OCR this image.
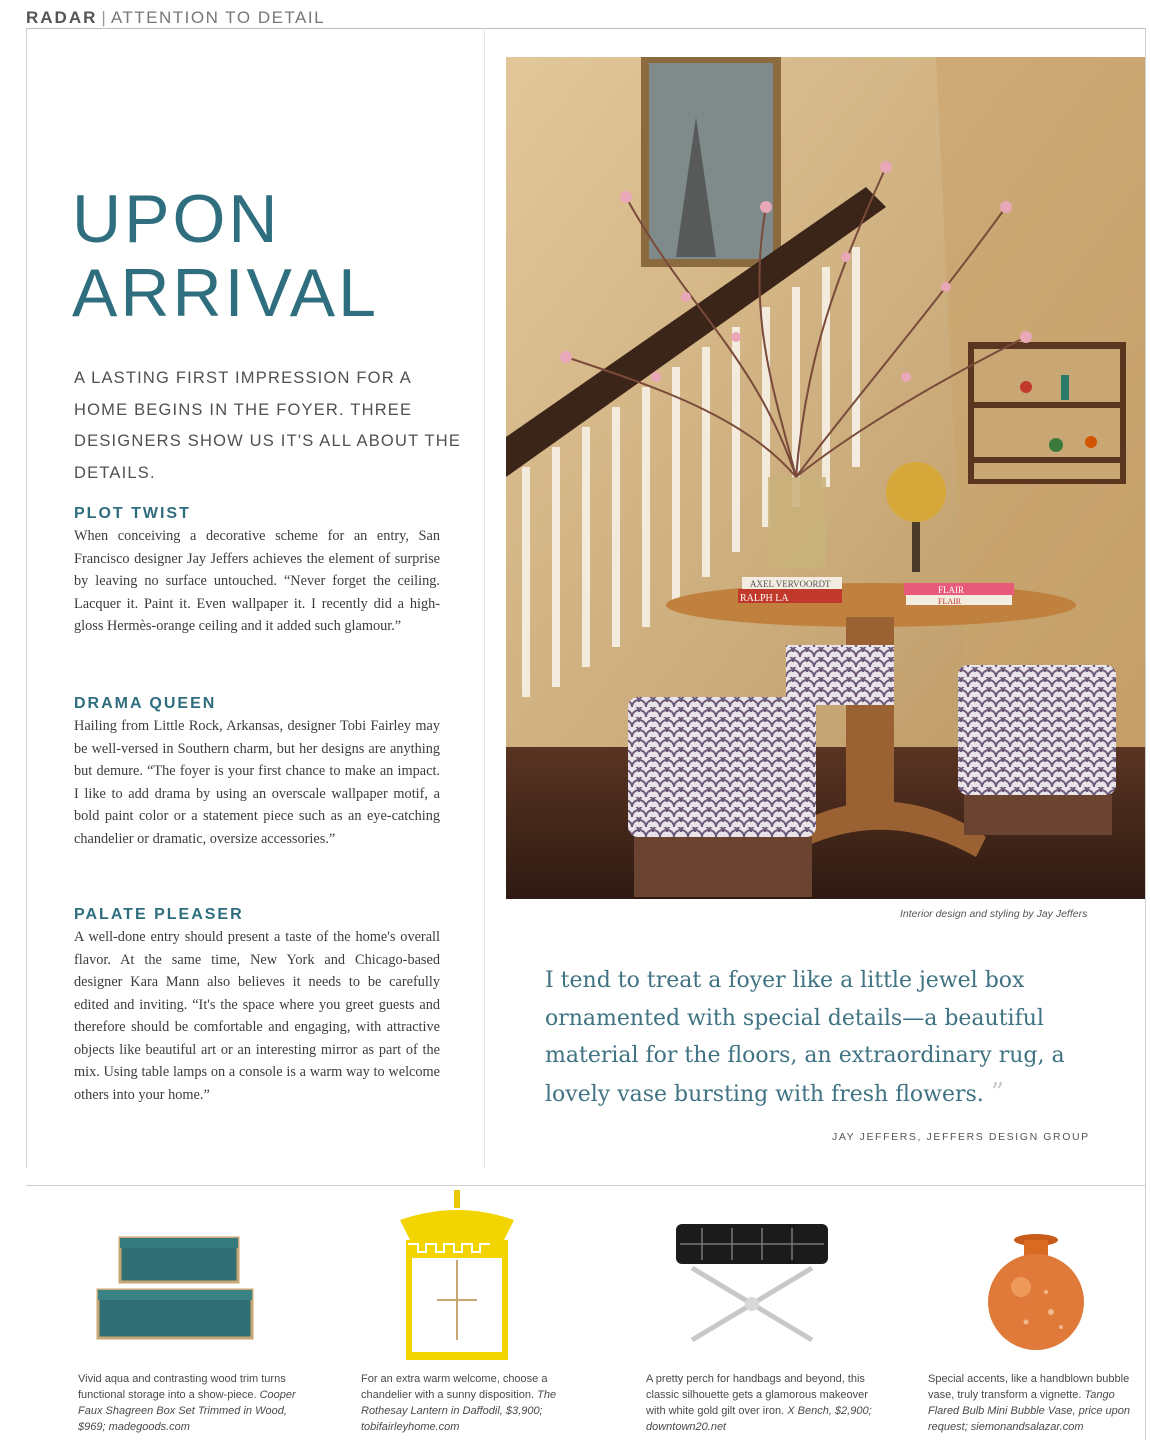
RADAR | ATTENTION TO DETAIL
UPON
ARRIVAL
A LASTING FIRST IMPRESSION FOR A HOME BEGINS IN THE FOYER. THREE DESIGNERS SHOW US IT'S ALL ABOUT THE DETAILS.
PLOT TWIST

When conceiving a decorative scheme for an entry, San Francisco designer Jay Jeffers achieves the element of surprise by leaving no surface untouched. “Never forget the ceiling. Lacquer it. Paint it. Even wallpaper it. I recently did a high-gloss Hermès-orange ceiling and it added such glamour.”

DRAMA QUEEN

Hailing from Little Rock, Arkansas, designer Tobi Fairley may be well-versed in Southern charm, but her designs are anything but demure. “The foyer is your first chance to make an impact. I like to add drama by using an overscale wallpaper motif, a bold paint color or a statement piece such as an eye-catching chandelier or dramatic, oversize accessories.”

PALATE PLEASER

A well-done entry should present a taste of the home's overall flavor. At the same time, New York and Chicago-based designer Kara Mann also believes it needs to be carefully edited and inviting. “It's the space where you greet guests and therefore should be comfortable and engaging, with attractive objects like beautiful art or an interesting mirror as part of the mix. Using table lamps on a console is a warm way to welcome others into your home.”

AXEL VERVOORDT
RALPH LA
FLAIR
FLAIR
Interior design and styling by Jay Jeffers
I tend to treat a foyer like a little jewel box ornamented with special details—a beautiful material for the floors, an extraordinary rug, a lovely vase bursting with fresh flowers. ”
JAY JEFFERS, JEFFERS DESIGN GROUP
Vivid aqua and contrasting wood trim turns functional storage into a show-piece. Cooper Faux Shagreen Box Set Trimmed in Wood, $969; madegoods.com
For an extra warm welcome, choose a chandelier with a sunny disposition. The Rothesay Lantern in Daffodil, $3,900; tobifairleyhome.com
A pretty perch for handbags and beyond, this classic silhouette gets a glamorous makeover with white gold gilt over iron. X Bench, $2,900; downtown20.net
Special accents, like a handblown bubble vase, truly transform a vignette. Tango Flared Bulb Mini Bubble Vase, price upon request; siemonandsalazar.com
